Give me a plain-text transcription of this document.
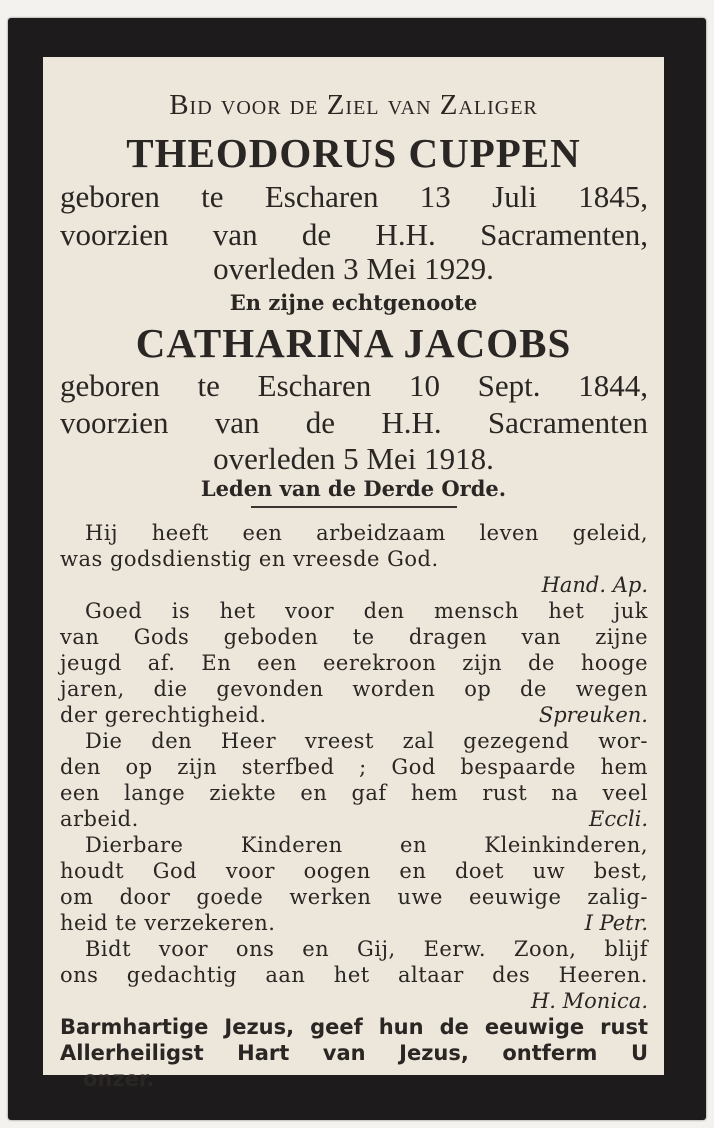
Bid voor de Ziel van Zaliger

THEODORUS CUPPEN

geboren te Escharen 13 Juli 1845,

voorzien van de H.H. Sacramenten,

overleden 3 Mei 1929.

En zijne echtgenoote

CATHARINA JACOBS

geboren te Escharen 10 Sept. 1844,

voorzien van de H.H. Sacramenten

overleden 5 Mei 1918.

Leden van de Derde Orde.

Hij heeft een arbeidzaam leven geleid,

was godsdienstig en vreesde God.

Hand. Ap.

Goed is het voor den mensch het juk

van Gods geboden te dragen van zijne

jeugd af. En een eerekroon zijn de hooge

jaren, die gevonden worden op de wegen

der gerechtigheid.	Spreuken.

Die den Heer vreest zal gezegend wor-

den op zijn sterfbed ; God bespaarde hem

een lange ziekte en gaf hem rust na veel

arbeid.	Eccli.

Dierbare Kinderen en Kleinkinderen,

houdt God voor oogen en doet uw best,

om door goede werken uwe eeuwige zalig-

heid te verzekeren.	I Petr.

Bidt voor ons en Gij, Eerw. Zoon, blijf

ons gedachtig aan het altaar des Heeren.

H. Monica.

Barmhartige Jezus, geef hun de eeuwige rust

Allerheiligst Hart van Jezus, ontferm U

onzer.
